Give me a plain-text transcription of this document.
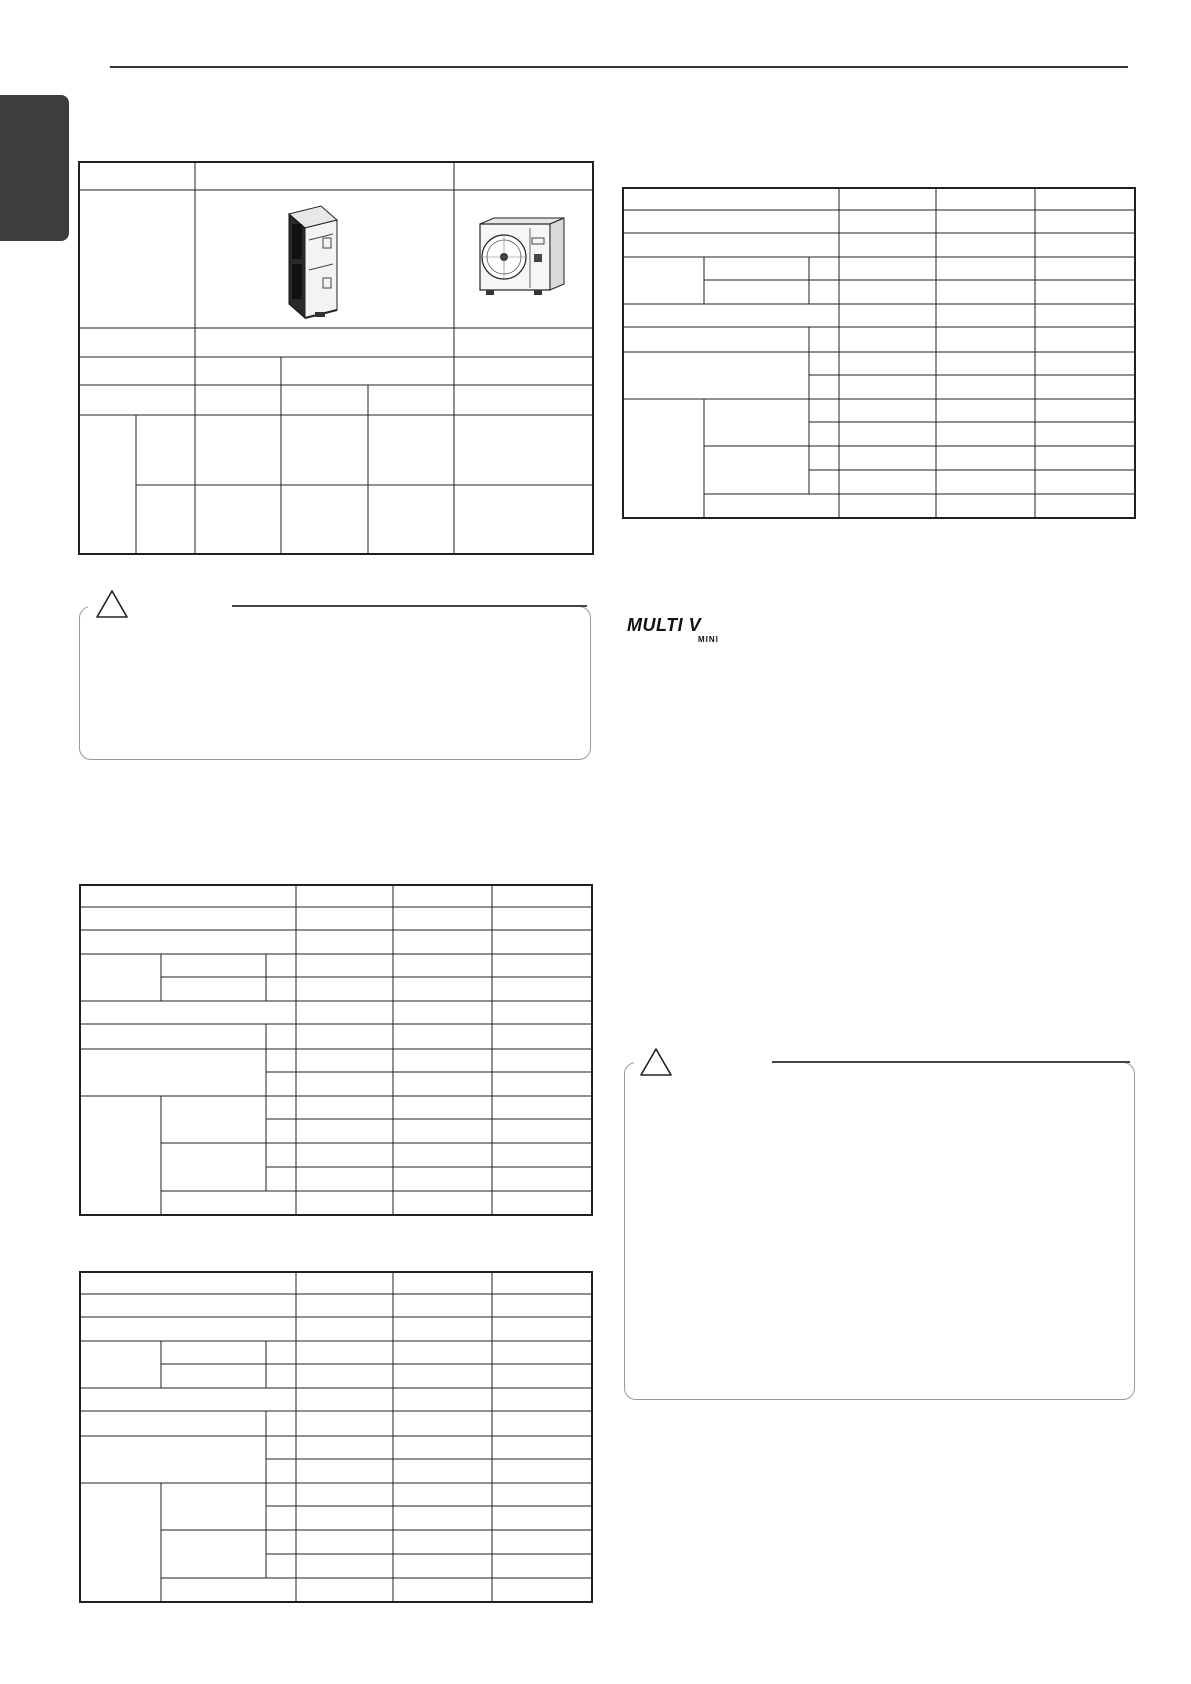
MULTI V
MINI
